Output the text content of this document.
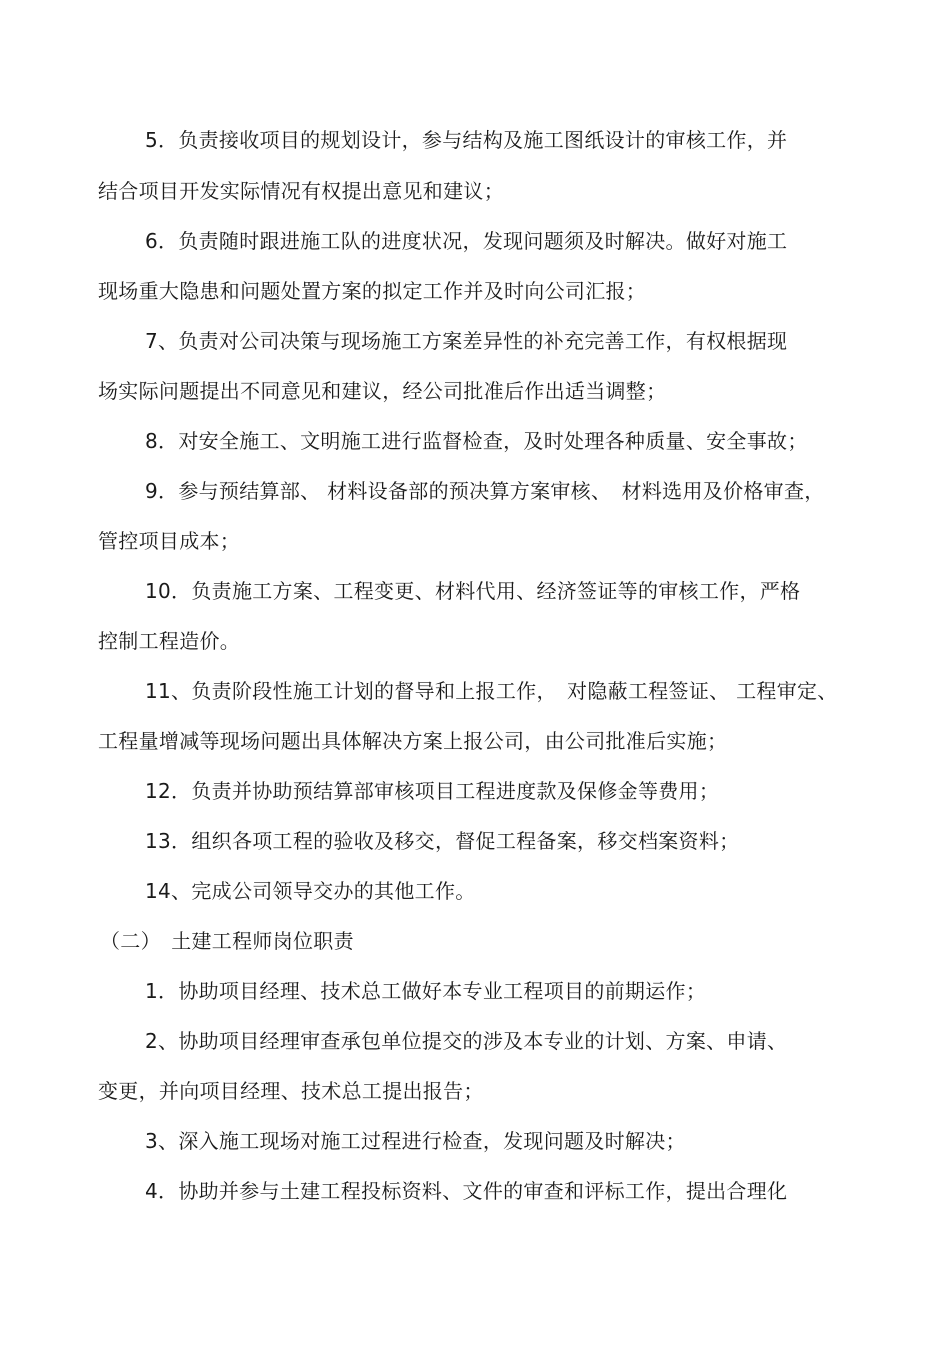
5．负责接收项目的规划设计，参与结构及施工图纸设计的审核工作，并
结合项目开发实际情况有权提出意见和建议；
6．负责随时跟进施工队的进度状况，发现问题须及时解决。做好对施工
现场重大隐患和问题处置方案的拟定工作并及时向公司汇报；
7、负责对公司决策与现场施工方案差异性的补充完善工作，有权根据现
场实际问题提出不同意见和建议，经公司批准后作出适当调整；
8．对安全施工、文明施工进行监督检查，及时处理各种质量、安全事故；
9．参与预结算部、 材料设备部的预决算方案审核、　材料选用及价格审查，
管控项目成本；
10．负责施工方案、工程变更、材料代用、经济签证等的审核工作，严格
控制工程造价。
11、负责阶段性施工计划的督导和上报工作，　对隐蔽工程签证、 工程审定、
工程量增减等现场问题出具体解决方案上报公司，由公司批准后实施；
12．负责并协助预结算部审核项目工程进度款及保修金等费用；
13．组织各项工程的验收及移交，督促工程备案，移交档案资料；
14、完成公司领导交办的其他工作。
（二）　土建工程师岗位职责
1．协助项目经理、技术总工做好本专业工程项目的前期运作；
2、协助项目经理审查承包单位提交的涉及本专业的计划、方案、申请、
变更，并向项目经理、技术总工提出报告；
3、深入施工现场对施工过程进行检查，发现问题及时解决；
4．协助并参与土建工程投标资料、文件的审查和评标工作，提出合理化
